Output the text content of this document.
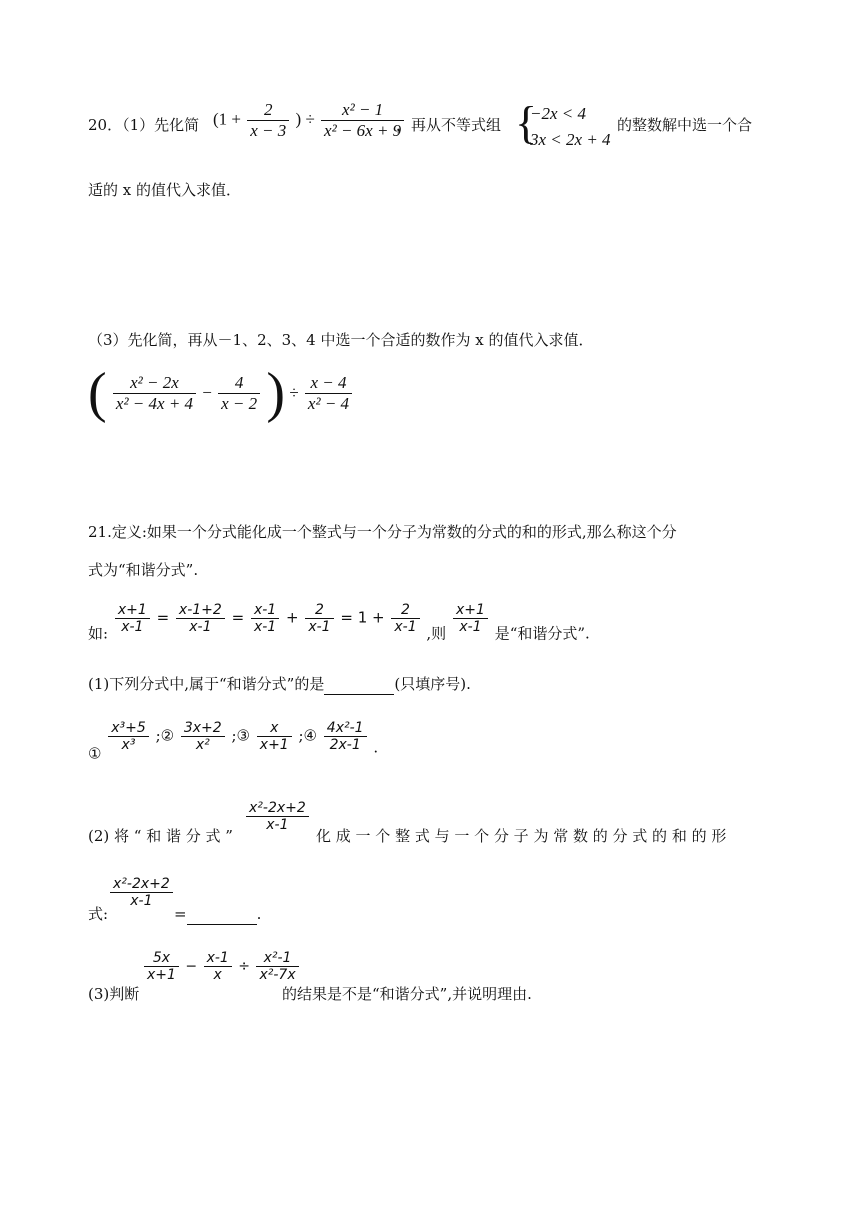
20．（1）先化简 ($1 + \frac{2}{x - 3}$ ) ÷ $\frac{\text{x² − 1}}{\text{x² − 6x + 9}}$
，再从不等式组 {
−2x < 4
3x < 2x + 4
的整数解中选一个合
适的 x 的值代入求值．
（3）先化简，再从－1、2、3、4 中选一个合适的数作为 x 的值代入求值．
( $\frac{\text{x² − 2x}}{\text{x² − 4x + 4}} - \frac{4}{x - 2}$ ) ÷ $\frac{x - 4}{\text{x² − 4}}$
21.定义:如果一个分式能化成一个整式与一个分子为常数的分式的和的形式,那么称这个分
式为“和谐分式”.
如: $\frac{x+1}{x-1} = \frac{x-1+2}{x-1} = \frac{x-1}{x-1} + \frac{2}{x-1} = 1 + \frac{2}{x-1}$ ,则 $\frac{x+1}{x-1}$ 是“和谐分式”.
(1)下列分式中,属于“和谐分式”的是	(只填序号).
①
$\frac{\text{x³+5}}{\text{x³}}$ ;② $\frac{3x+2}{\text{x²}}$ ;③ $\frac{x}{x+1}$ ;④ $\frac{\text{4x²-1}}{2x-1}$ .
(2) 将 “ 和 谐 分 式 ”
$\frac{\text{x²-2x+2}}{x-1}$
化 成 一 个 整 式 与 一 个 分 子 为 常 数 的 分 式 的 和 的 形
式:
$\frac{\text{x²-2x+2}}{x-1}$
=	.
(3)判断
$\frac{5x}{x+1} - \frac{x-1}{x} \div \frac{\text{x²-1}}{\text{x²-7x}}$
的结果是不是“和谐分式”,并说明理由.
